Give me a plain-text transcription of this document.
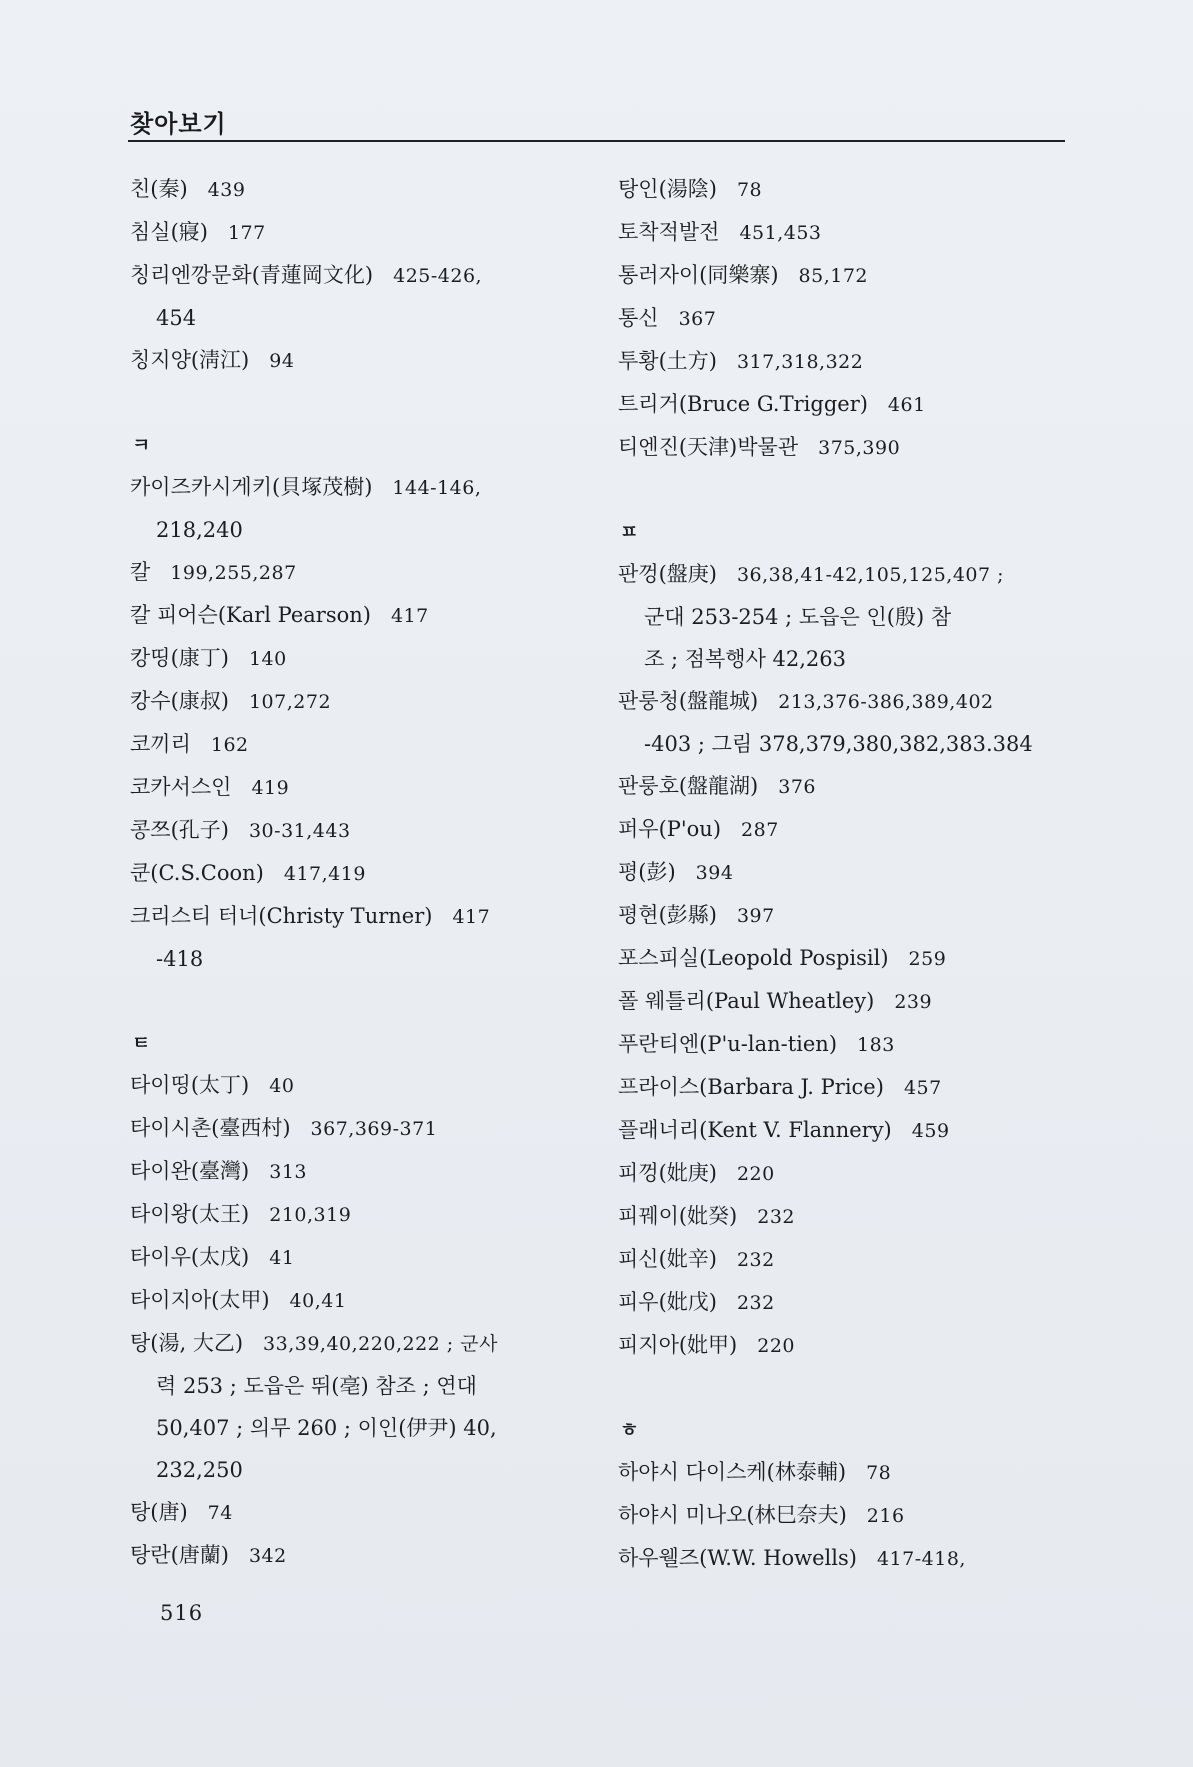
찾아보기
친(秦) 439
침실(寢) 177
칭리엔깡문화(青蓮岡文化) 425-426,
454
칭지양(淸江) 94
ㅋ
카이즈카시게키(貝塚茂樹) 144-146,
218,240
칼 199,255,287
칼 피어슨(Karl Pearson) 417
캉띵(康丁) 140
캉수(康叔) 107,272
코끼리 162
코카서스인 419
콩쯔(孔子) 30-31,443
쿤(C.S.Coon) 417,419
크리스티 터너(Christy Turner) 417
-418
ㅌ
타이띵(太丁) 40
타이시촌(臺西村) 367,369-371
타이완(臺灣) 313
타이왕(太王) 210,319
타이우(太戊) 41
타이지아(太甲) 40,41
탕(湯, 大乙) 33,39,40,220,222 ; 군사
력 253 ; 도읍은 뛰(亳) 참조 ; 연대
50,407 ; 의무 260 ; 이인(伊尹) 40,
232,250
탕(唐) 74
탕란(唐蘭) 342
탕인(湯陰) 78
토착적발전 451,453
통러자이(同樂寨) 85,172
통신 367
투황(土方) 317,318,322
트리거(Bruce G.Trigger) 461
티엔진(天津)박물관 375,390
ㅍ
판껑(盤庚) 36,38,41-42,105,125,407 ;
군대 253-254 ; 도읍은 인(殷) 참
조 ; 점복행사 42,263
판룽청(盤龍城) 213,376-386,389,402
-403 ; 그림 378,379,380,382,383.384
판룽호(盤龍湖) 376
퍼우(P'ou) 287
평(彭) 394
평현(彭縣) 397
포스피실(Leopold Pospisil) 259
폴 웨틀리(Paul Wheatley) 239
푸란티엔(P'u-lan-tien) 183
프라이스(Barbara J. Price) 457
플래너리(Kent V. Flannery) 459
피껑(妣庚) 220
피꿰이(妣癸) 232
피신(妣辛) 232
피우(妣戊) 232
피지아(妣甲) 220
ㅎ
하야시 다이스케(林泰輔) 78
하야시 미나오(林巳奈夫) 216
하우웰즈(W.W. Howells) 417-418,
516
